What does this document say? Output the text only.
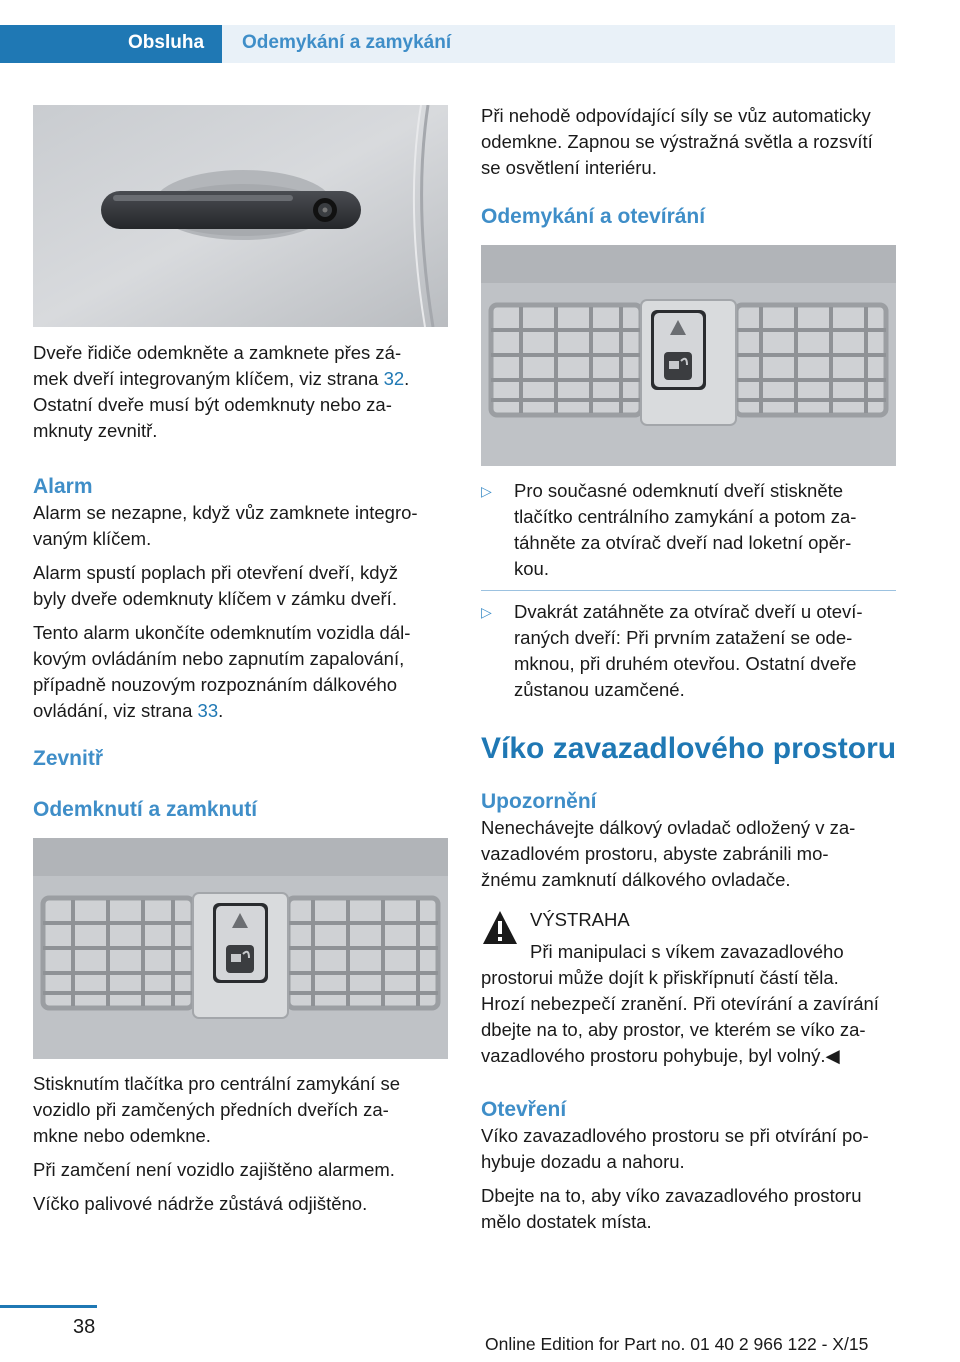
Obsluha Odemykání a zamykání

Dveře řidiče odemkněte a zamknete přes zá-
mek dveří integrovaným klíčem, viz strana 32.
Ostatní dveře musí být odemknuty nebo za-
mknuty zevnitř.

Alarm

Alarm se nezapne, když vůz zamknete integro-
vaným klíčem.

Alarm spustí poplach při otevření dveří, když
byly dveře odemknuty klíčem v zámku dveří.

Tento alarm ukončíte odemknutím vozidla dál-
kovým ovládáním nebo zapnutím zapalování,
případně nouzovým rozpoznáním dálkového
ovládání, viz strana 33.

Zevnitř

Odemknutí a zamknutí

Stisknutím tlačítka pro centrální zamykání se
vozidlo při zamčených předních dveřích za-
mkne nebo odemkne.

Při zamčení není vozidlo zajištěno alarmem.

Víčko palivové nádrže zůstává odjištěno.

Při nehodě odpovídající síly se vůz automaticky
odemkne. Zapnou se výstražná světla a rozsvítí
se osvětlení interiéru.

Odemykání a otevírání

▷ Pro současné odemknutí dveří stiskněte
tlačítko centrálního zamykání a potom za-
táhněte za otvírač dveří nad loketní opěr-
kou.
▷ Dvakrát zatáhněte za otvírač dveří u oteví-
raných dveří: Při prvním zatažení se ode-
mknou, při druhém otevřou. Ostatní dveře
zůstanou uzamčené.

Víko zavazadlového prostoru

Upozornění

Nenechávejte dálkový ovladač odložený v za-
vazadlovém prostoru, abyste zabránili mo-
žnému zamknutí dálkového ovladače.

VÝSTRAHA

Při manipulaci s víkem zavazadlového
prostorui může dojít k přiskřípnutí částí těla.
Hrozí nebezpečí zranění. Při otevírání a zavírání
dbejte na to, aby prostor, ve kterém se víko za-
vazadlového prostoru pohybuje, byl volný.◀

Otevření

Víko zavazadlového prostoru se při otvírání po-
hybuje dozadu a nahoru.

Dbejte na to, aby víko zavazadlového prostoru
mělo dostatek místa.

38
Online Edition for Part no. 01 40 2 966 122 - X/15
